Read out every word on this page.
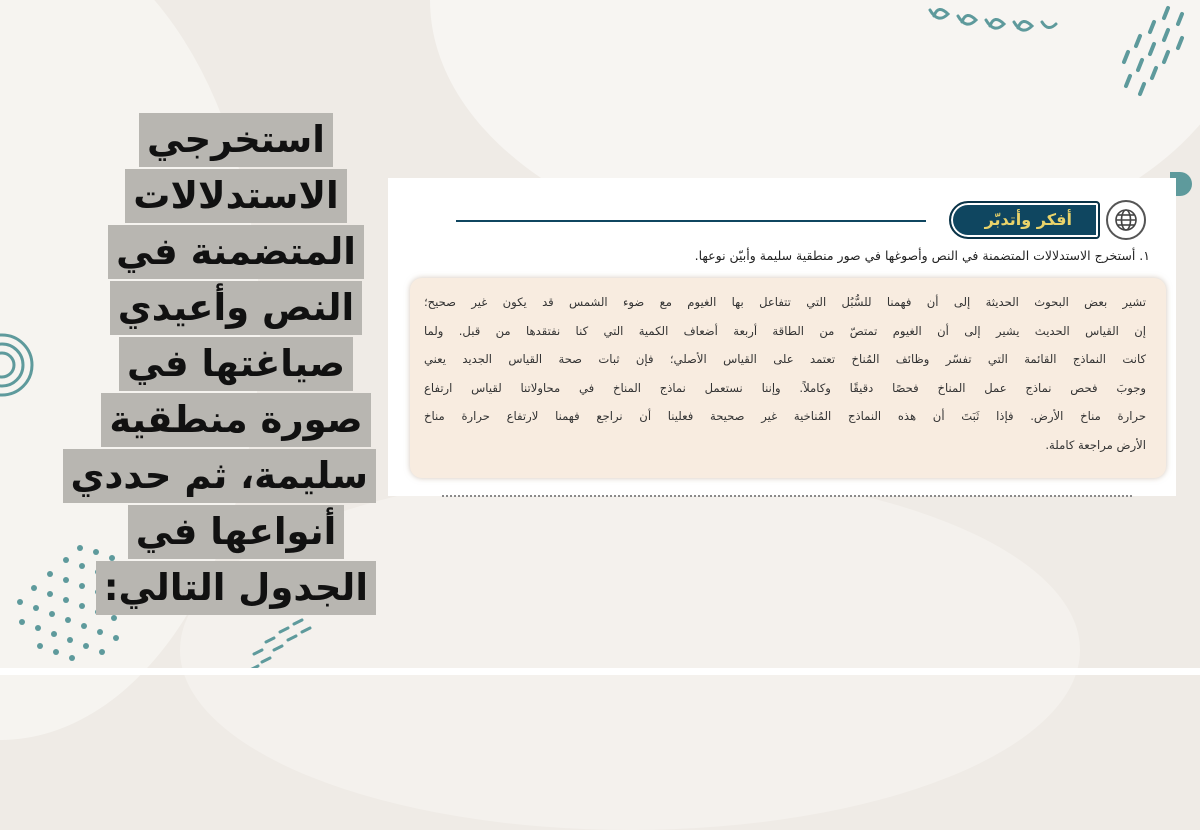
استخرجي
الاستدلالات
المتضمنة في
النص وأعيدي
صياغتها في
صورة منطقية
سليمة، ثم حددي
أنواعها في
الجدول التالي:
أفكر وأتدبّر
١. أستخرج الاستدلالات المتضمنة في النص وأصوغها في صور منطقية سليمة وأبيّن نوعها.
تشير بعض البحوث الحديثة إلى أن فهمنا للسُّبُل التي تتفاعل بها الغيوم مع ضوء الشمس قد يكون غير صحيح؛
إن القياس الحديث يشير إلى أن الغيوم تمتصّ من الطاقة أربعة أضعاف الكمية التي كنا نفتقدها من قبل. ولما
كانت النماذج القائمة التي تفسّر وظائف المُناخ تعتمد على القياس الأصلي؛ فإن ثبات صحة القياس الجديد يعني
وجوبَ فحص نماذج عمل المناخ فحصًا دقيقًا وكاملاً. وإننا نستعمل نماذج المناخ في محاولاتنا لقياس ارتفاع
حرارة مناخ الأرض. فإذا ثَبَتَ أن هذه النماذج المُناخية غير صحيحة فعلينا أن نراجع فهمنا لارتفاع حرارة مناخ
الأرض مراجعة كاملة.
